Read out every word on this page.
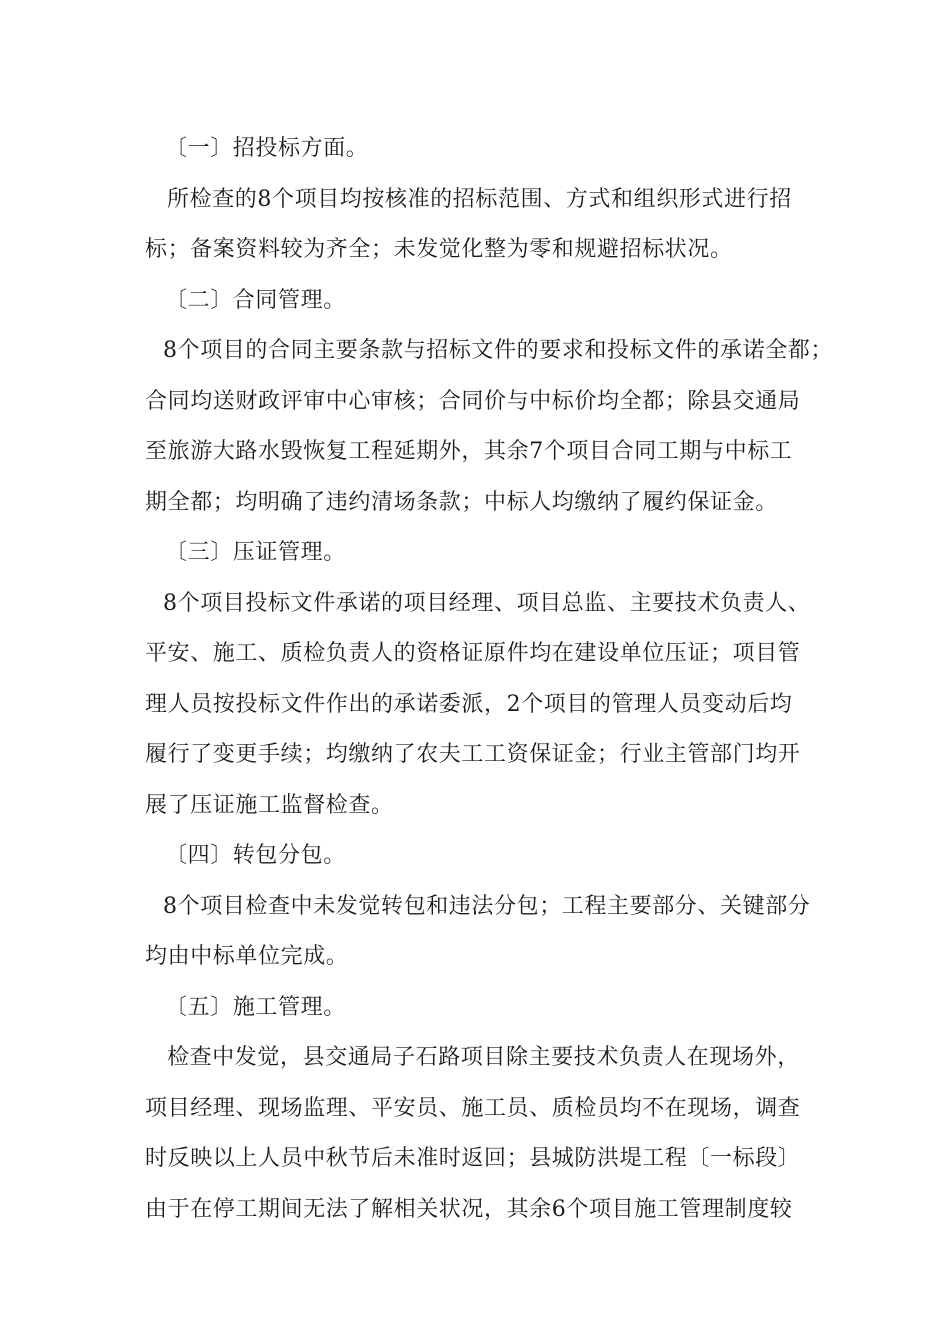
〔一〕招投标方面。
所检查的8个项目均按核准的招标范围、方式和组织形式进行招
标；备案资料较为齐全；未发觉化整为零和规避招标状况。
〔二〕合同管理。
8个项目的合同主要条款与招标文件的要求和投标文件的承诺全都；
合同均送财政评审中心审核；合同价与中标价均全都；除县交通局
至旅游大路水毁恢复工程延期外，其余7个项目合同工期与中标工
期全都；均明确了违约清场条款；中标人均缴纳了履约保证金。
〔三〕压证管理。
8个项目投标文件承诺的项目经理、项目总监、主要技术负责人、
平安、施工、质检负责人的资格证原件均在建设单位压证；项目管
理人员按投标文件作出的承诺委派，2个项目的管理人员变动后均
履行了变更手续；均缴纳了农夫工工资保证金；行业主管部门均开
展了压证施工监督检查。
〔四〕转包分包。
8个项目检查中未发觉转包和违法分包；工程主要部分、关键部分
均由中标单位完成。
〔五〕施工管理。
检查中发觉，县交通局子石路项目除主要技术负责人在现场外，
项目经理、现场监理、平安员、施工员、质检员均不在现场，调查
时反映以上人员中秋节后未准时返回；县城防洪堤工程〔一标段〕
由于在停工期间无法了解相关状况，其余6个项目施工管理制度较
